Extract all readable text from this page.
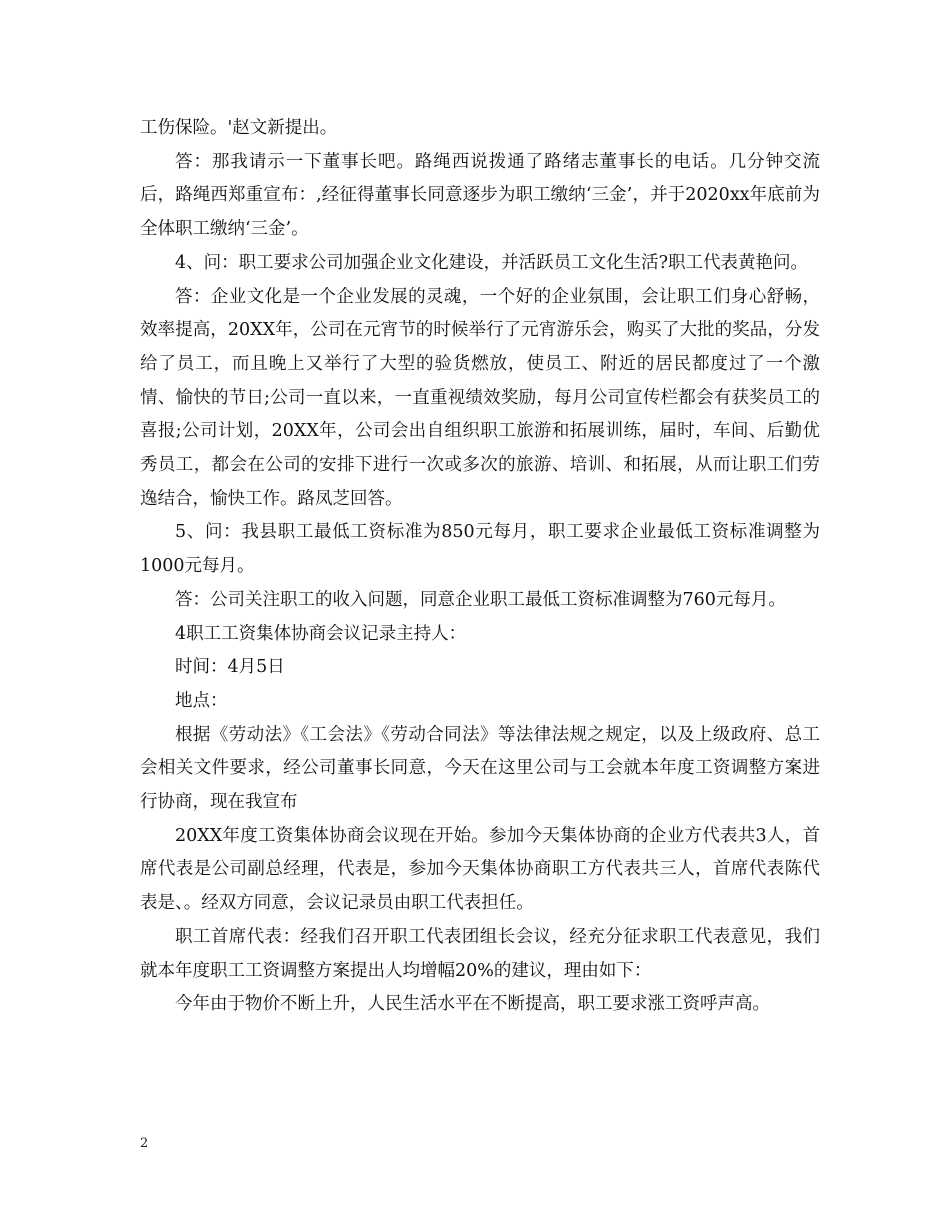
工伤保险。'赵文新提出。

答：那我请示一下董事长吧。路绳西说拨通了路绪志董事长的电话。几分钟交流后，路绳西郑重宣布：,经征得董事长同意逐步为职工缴纳‘三金’，并于2020xx年底前为全体职工缴纳‘三金’。

4、问：职工要求公司加强企业文化建设，并活跃员工文化生活?职工代表黄艳问。

答：企业文化是一个企业发展的灵魂，一个好的企业氛围，会让职工们身心舒畅，效率提高，20XX年，公司在元宵节的时候举行了元宵游乐会，购买了大批的奖品，分发给了员工，而且晚上又举行了大型的验货燃放，使员工、附近的居民都度过了一个激情、愉快的节日;公司一直以来，一直重视绩效奖励，每月公司宣传栏都会有获奖员工的喜报;公司计划，20XX年，公司会出自组织职工旅游和拓展训练，届时，车间、后勤优秀员工，都会在公司的安排下进行一次或多次的旅游、培训、和拓展，从而让职工们劳逸结合，愉快工作。路凤芝回答。

5、问：我县职工最低工资标准为850元每月，职工要求企业最低工资标准调整为1000元每月。

答：公司关注职工的收入问题，同意企业职工最低工资标准调整为760元每月。

4职工工资集体协商会议记录主持人：

时间：4月5日

地点：

根据《劳动法》《工会法》《劳动合同法》等法律法规之规定，以及上级政府、总工会相关文件要求，经公司董事长同意，今天在这里公司与工会就本年度工资调整方案进行协商，现在我宣布

20XX年度工资集体协商会议现在开始。参加今天集体协商的企业方代表共3人，首席代表是公司副总经理，代表是，参加今天集体协商职工方代表共三人，首席代表陈代表是、。经双方同意，会议记录员由职工代表担任。

职工首席代表：经我们召开职工代表团组长会议，经充分征求职工代表意见，我们就本年度职工工资调整方案提出人均增幅20%的建议，理由如下：

今年由于物价不断上升，人民生活水平在不断提高，职工要求涨工资呼声高。

2
